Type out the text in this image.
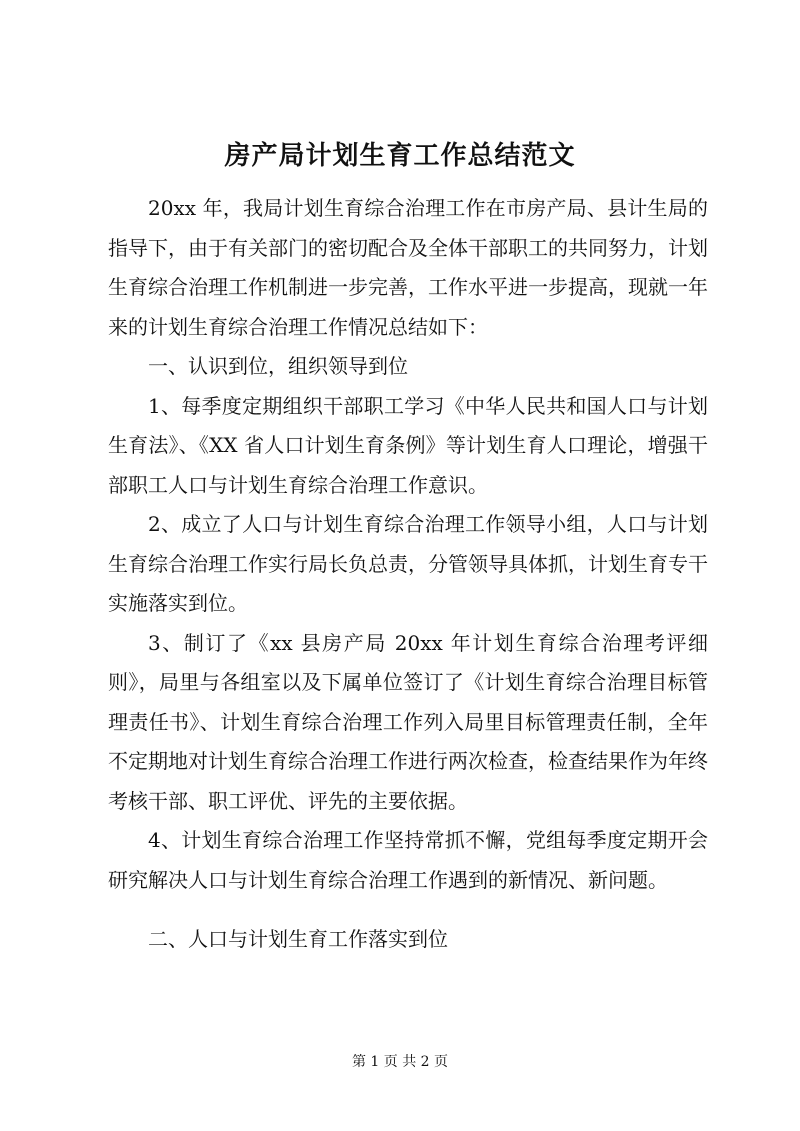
房产局计划生育工作总结范文

20xx 年，我局计划生育综合治理工作在市房产局、县计生局的指导下，由于有关部门的密切配合及全体干部职工的共同努力，计划生育综合治理工作机制进一步完善，工作水平进一步提高，现就一年来的计划生育综合治理工作情况总结如下：

一、认识到位，组织领导到位

1、每季度定期组织干部职工学习《中华人民共和国人口与计划生育法》、《XX 省人口计划生育条例》等计划生育人口理论，增强干部职工人口与计划生育综合治理工作意识。

2、成立了人口与计划生育综合治理工作领导小组，人口与计划生育综合治理工作实行局长负总责，分管领导具体抓，计划生育专干实施落实到位。

3、制订了《xx 县房产局 20xx 年计划生育综合治理考评细则》，局里与各组室以及下属单位签订了《计划生育综合治理目标管理责任书》、计划生育综合治理工作列入局里目标管理责任制，全年不定期地对计划生育综合治理工作进行两次检查，检查结果作为年终考核干部、职工评优、评先的主要依据。

4、计划生育综合治理工作坚持常抓不懈，党组每季度定期开会研究解决人口与计划生育综合治理工作遇到的新情况、新问题。

二、人口与计划生育工作落实到位

第 1 页 共 2 页
